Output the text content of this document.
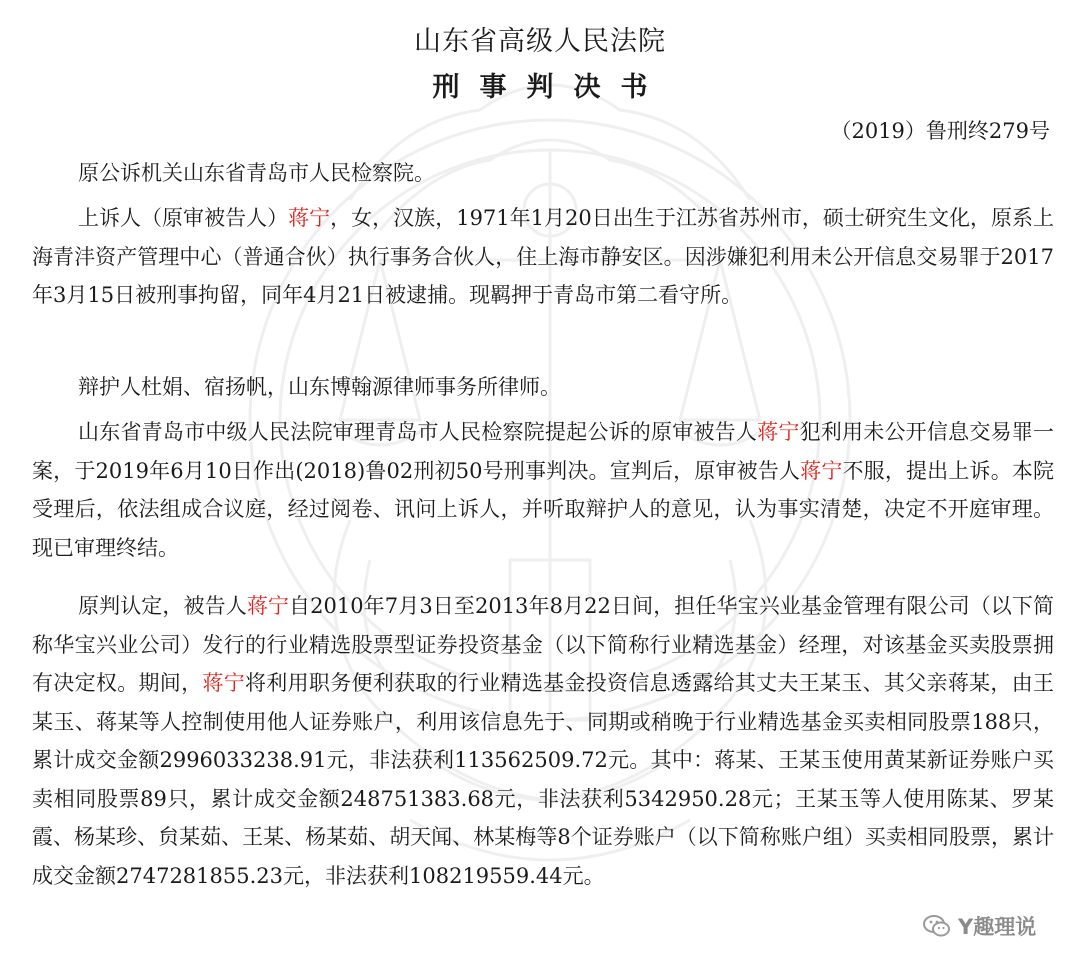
山东省高级人民法院
刑事判决书
（2019）鲁刑终279号
原公诉机关山东省青岛市人民检察院。
上诉人（原审被告人）蒋宁，女，汉族，1971年1月20日出生于江苏省苏州市，硕士研究生文化，原系上海青沣资产管理中心（普通合伙）执行事务合伙人，住上海市静安区。因涉嫌犯利用未公开信息交易罪于2017年3月15日被刑事拘留，同年4月21日被逮捕。现羁押于青岛市第二看守所。
辩护人杜娟、宿扬帆，山东博翰源律师事务所律师。
山东省青岛市中级人民法院审理青岛市人民检察院提起公诉的原审被告人蒋宁犯利用未公开信息交易罪一案，于2019年6月10日作出(2018)鲁02刑初50号刑事判决。宣判后，原审被告人蒋宁不服，提出上诉。本院受理后，依法组成合议庭，经过阅卷、讯问上诉人，并听取辩护人的意见，认为事实清楚，决定不开庭审理。现已审理终结。
原判认定，被告人蒋宁自2010年7月3日至2013年8月22日间，担任华宝兴业基金管理有限公司（以下简称华宝兴业公司）发行的行业精选股票型证券投资基金（以下简称行业精选基金）经理，对该基金买卖股票拥有决定权。期间，蒋宁将利用职务便利获取的行业精选基金投资信息透露给其丈夫王某玉、其父亲蒋某，由王某玉、蒋某等人控制使用他人证券账户，利用该信息先于、同期或稍晚于行业精选基金买卖相同股票188只，累计成交金额2996033238.91元，非法获利113562509.72元。其中：蒋某、王某玉使用黄某新证券账户买卖相同股票89只，累计成交金额248751383.68元，非法获利5342950.28元；王某玉等人使用陈某、罗某霞、杨某珍、贠某茹、王某、杨某茹、胡天闻、林某梅等8个证券账户（以下简称账户组）买卖相同股票，累计成交金额2747281855.23元，非法获利108219559.44元。
Y趣理说
